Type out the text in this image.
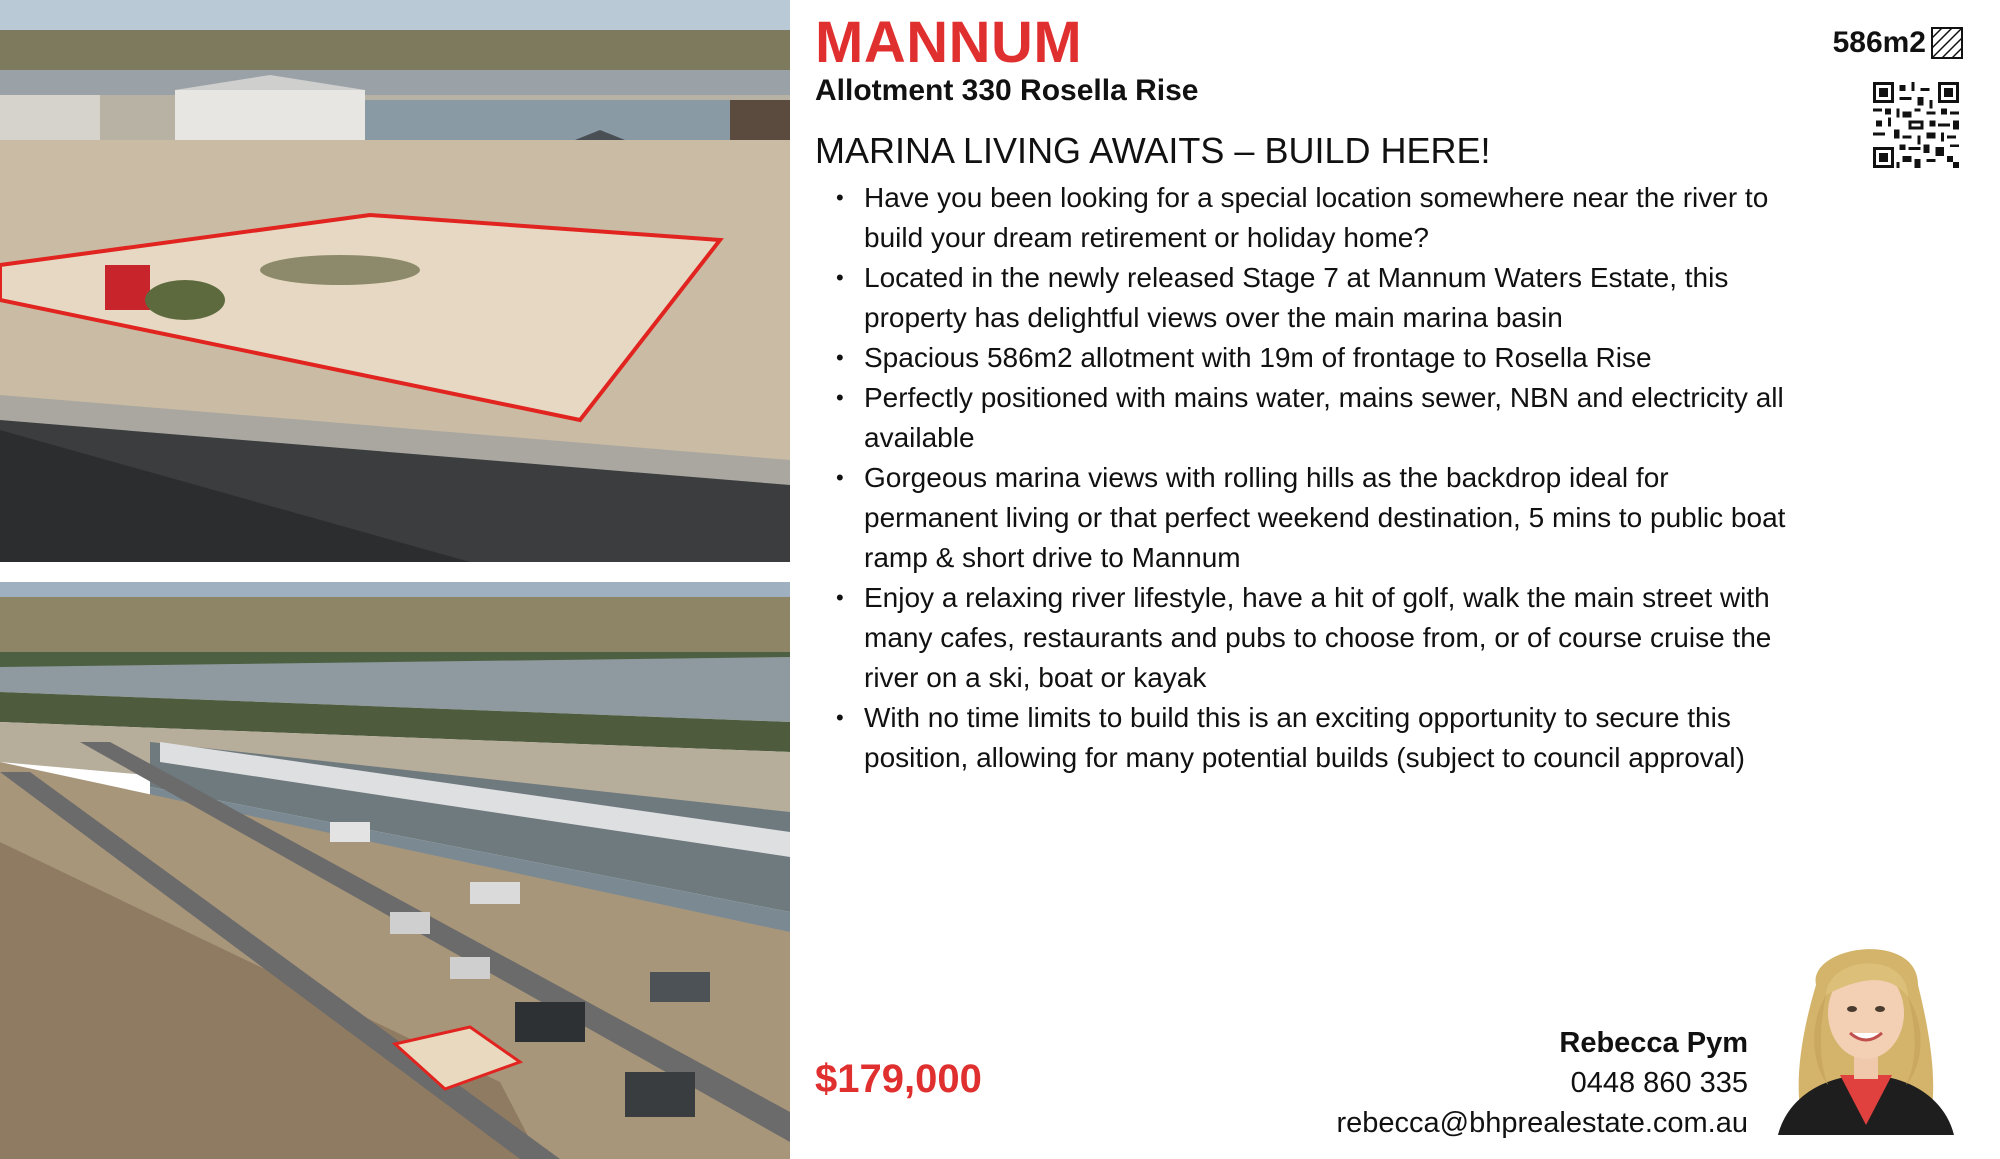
MANNUM
Allotment 330 Rosella Rise
MARINA LIVING AWAITS – BUILD HERE!
• Have you been looking for a special location somewhere near the river to build your dream retirement or holiday home?
• Located in the newly released Stage 7 at Mannum Waters Estate, this property has delightful views over the main marina basin
• Spacious 586m2 allotment with 19m of frontage to Rosella Rise
• Perfectly positioned with mains water, mains sewer, NBN and electricity all available
• Gorgeous marina views with rolling hills as the backdrop ideal for permanent living or that perfect weekend destination, 5 mins to public boat ramp & short drive to Mannum
• Enjoy a relaxing river lifestyle, have a hit of golf, walk the main street with many cafes, restaurants and pubs to choose from, or of course cruise the river on a ski, boat or kayak
• With no time limits to build this is an exciting opportunity to secure this position, allowing for many potential builds (subject to council approval)
586m2
$179,000
Rebecca Pym
0448 860 335
rebecca@bhprealestate.com.au
